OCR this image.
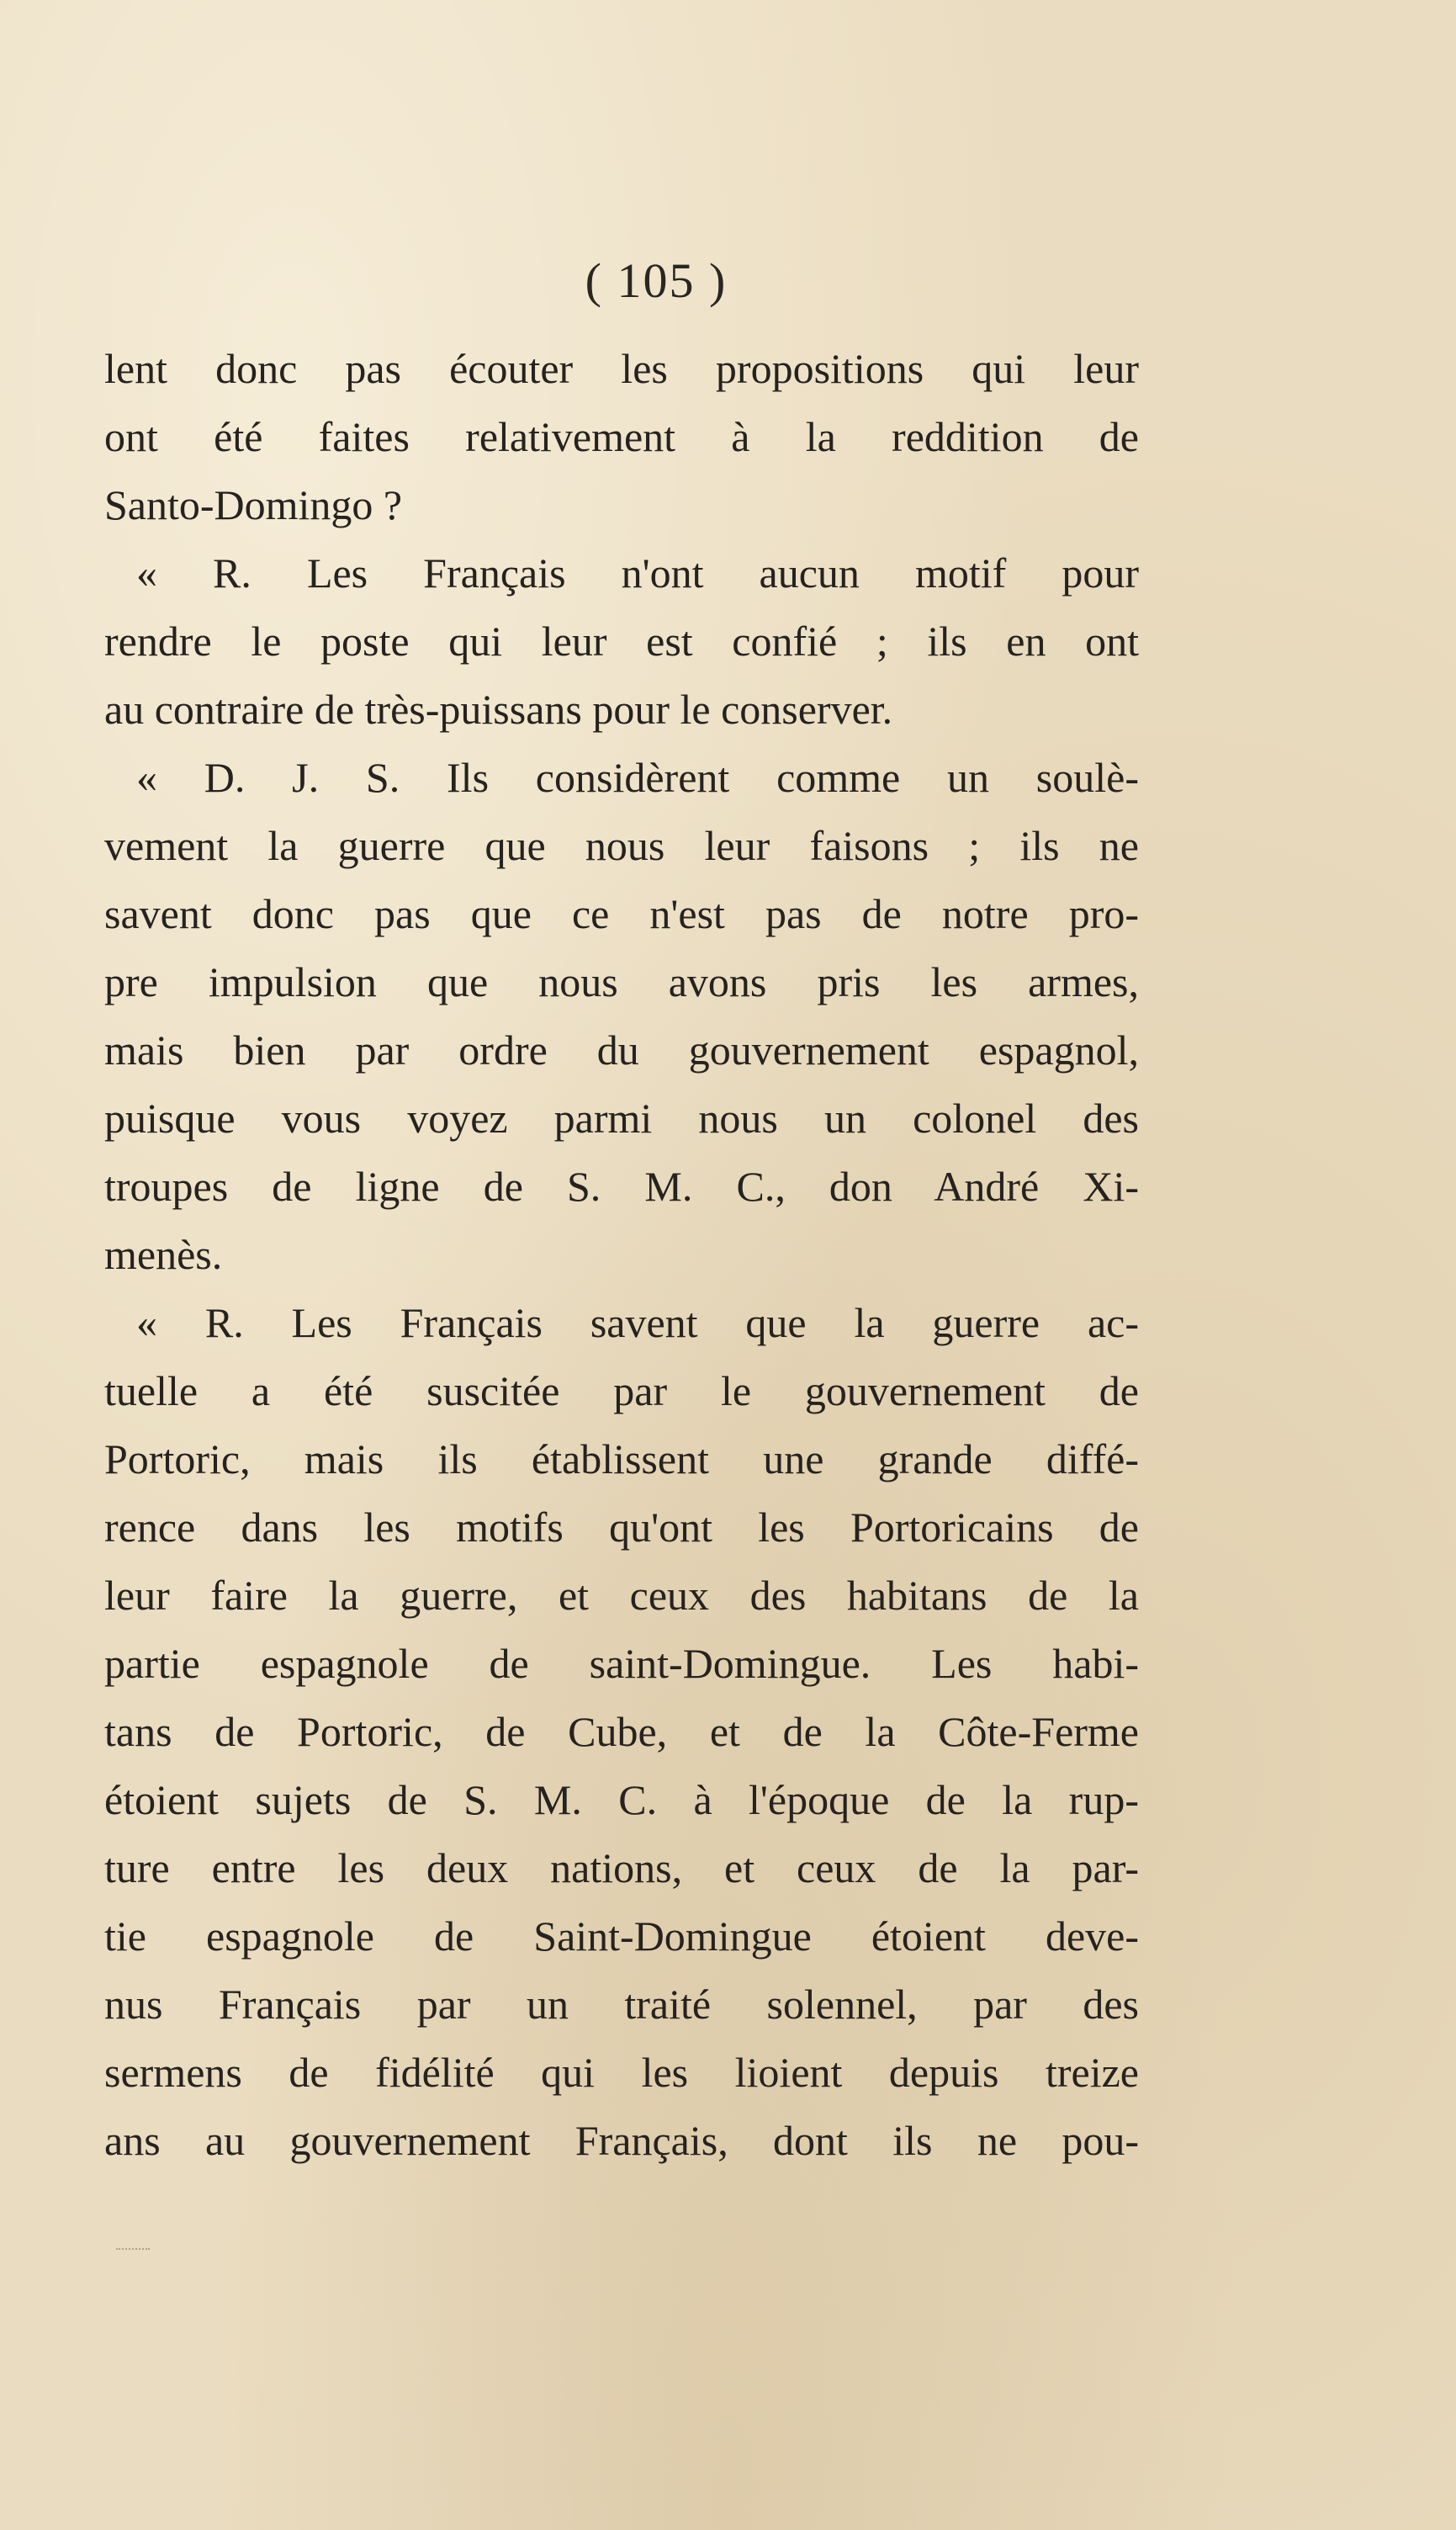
( 105 )
lent donc pas écouter les propositions qui leur
ont été faites relativement à la reddition de
Santo-Domingo ?
« R. Les Français n'ont aucun motif pour
rendre le poste qui leur est confié ; ils en ont
au contraire de très-puissans pour le conserver.
« D. J. S. Ils considèrent comme un soulè-
vement la guerre que nous leur faisons ; ils ne
savent donc pas que ce n'est pas de notre pro-
pre impulsion que nous avons pris les armes,
mais bien par ordre du gouvernement espagnol,
puisque vous voyez parmi nous un colonel des
troupes de ligne de S. M. C., don André Xi-
menès.
« R. Les Français savent que la guerre ac-
tuelle a été suscitée par le gouvernement de
Portoric, mais ils établissent une grande diffé-
rence dans les motifs qu'ont les Portoricains de
leur faire la guerre, et ceux des habitans de la
partie espagnole de saint-Domingue. Les habi-
tans de Portoric, de Cube, et de la Côte-Ferme
étoient sujets de S. M. C. à l'époque de la rup-
ture entre les deux nations, et ceux de la par-
tie espagnole de Saint-Domingue étoient deve-
nus Français par un traité solennel, par des
sermens de fidélité qui les lioient depuis treize
ans au gouvernement Français, dont ils ne pou-
